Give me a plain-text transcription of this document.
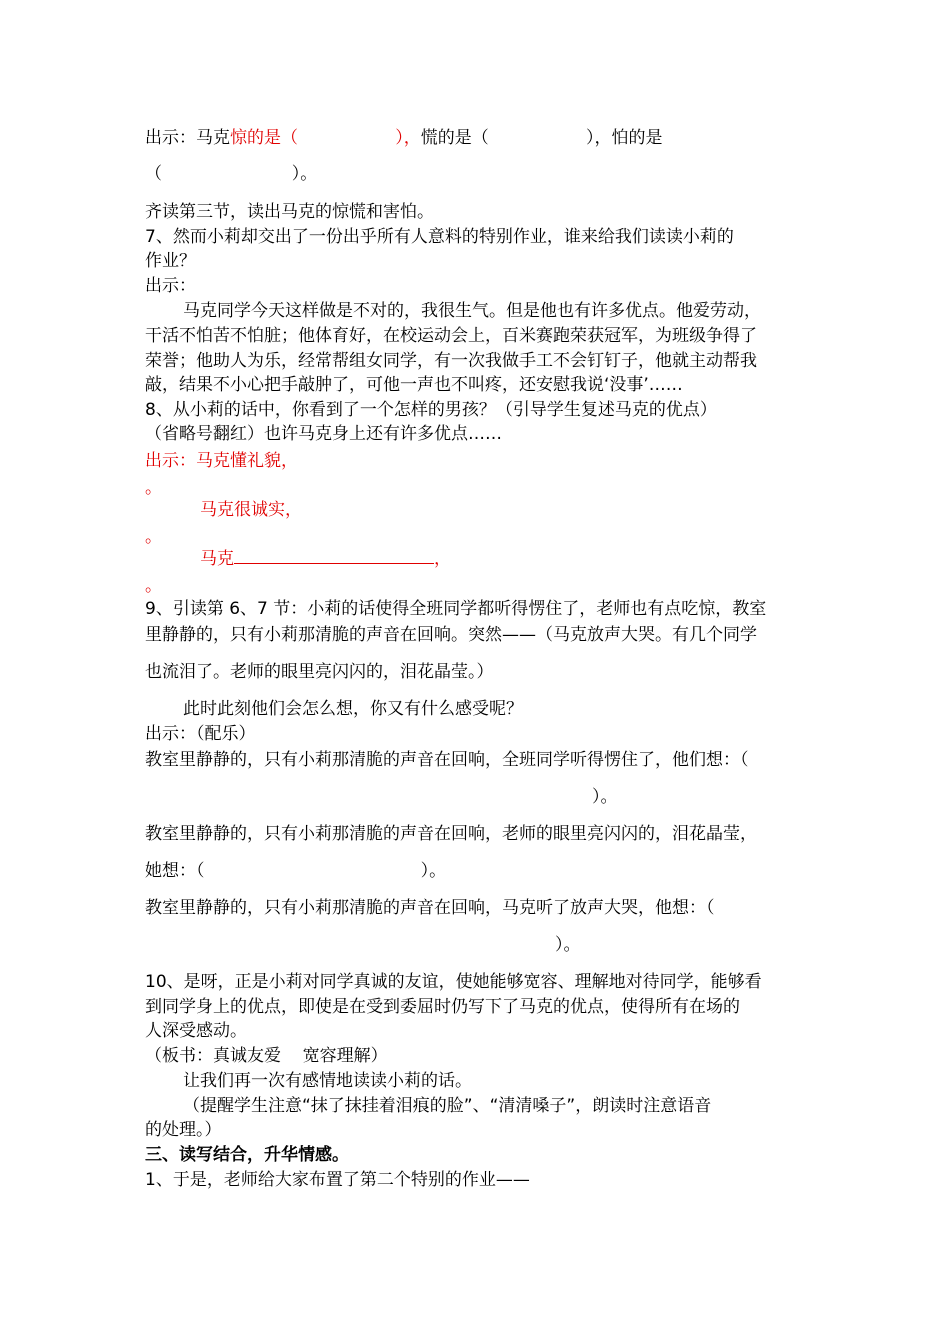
出示：马克惊的是（                  ），慌的是（                  ），怕的是
（                        ）。
齐读第三节，读出马克的惊慌和害怕。
7、然而小莉却交出了一份出乎所有人意料的特别作业，谁来给我们读读小莉的
作业？
出示：
马克同学今天这样做是不对的，我很生气。但是他也有许多优点。他爱劳动，
干活不怕苦不怕脏；他体育好，在校运动会上，百米赛跑荣获冠军，为班级争得了
荣誉；他助人为乐，经常帮组女同学，有一次我做手工不会钉钉子，他就主动帮我
敲，结果不小心把手敲肿了，可他一声也不叫疼，还安慰我说‘没事’……
8、从小莉的话中，你看到了一个怎样的男孩？（引导学生复述马克的优点）
（省略号翻红）也许马克身上还有许多优点……
出示：马克懂礼貌，
。
马克很诚实，
。
马克	，
。
9、引读第 6、7 节：小莉的话使得全班同学都听得愣住了，老师也有点吃惊，教室
里静静的，只有小莉那清脆的声音在回响。突然——（马克放声大哭。有几个同学
也流泪了。老师的眼里亮闪闪的，泪花晶莹。）
此时此刻他们会怎么想，你又有什么感受呢？
出示：（配乐）
教室里静静的，只有小莉那清脆的声音在回响，全班同学听得愣住了，他们想：（
）。
教室里静静的，只有小莉那清脆的声音在回响，老师的眼里亮闪闪的，泪花晶莹，
她想：（                                        ）。
教室里静静的，只有小莉那清脆的声音在回响，马克听了放声大哭，他想：（
）。
10、是呀，正是小莉对同学真诚的友谊，使她能够宽容、理解地对待同学，能够看
到同学身上的优点，即使是在受到委屈时仍写下了马克的优点，使得所有在场的
人深受感动。
（板书：真诚友爱    宽容理解）
让我们再一次有感情地读读小莉的话。
（提醒学生注意“抹了抹挂着泪痕的脸”、“清清嗓子”，朗读时注意语音
的处理。）
三、读写结合，升华情感。
1、于是，老师给大家布置了第二个特别的作业——
